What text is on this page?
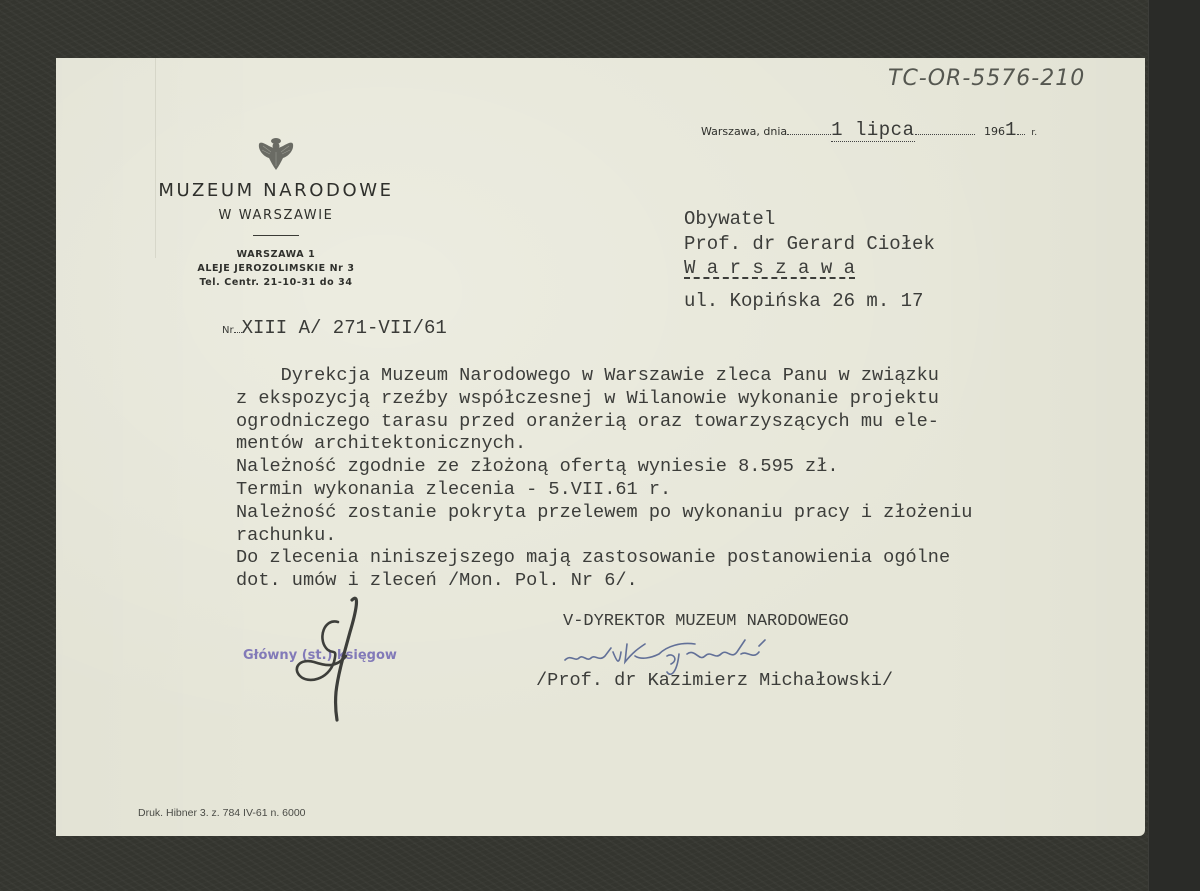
TC-OR-5576-210
MUZEUM NARODOWE
W WARSZAWIE
WARSZAWA 1
ALEJE JEROZOLIMSKIE Nr 3
Tel. Centr. 21-10-31 do 34
Warszawa, dnia 1 lipca	1961 r.
Obywatel
Prof. dr Gerard Ciołek
W a r s z a w a
ul. Kopińska 26 m. 17
Nr XIII A/ 271-VII/61
Dyrekcja Muzeum Narodowego w Warszawie zleca Panu w związku
z ekspozycją rzeźby współczesnej w Wilanowie wykonanie projektu
ogrodniczego tarasu przed oranżerią oraz towarzyszących mu ele-
mentów architektonicznych.
Należność zgodnie ze złożoną ofertą wyniesie 8.595 zł.
Termin wykonania zlecenia - 5.VII.61 r.
Należność zostanie pokryta przelewem po wykonaniu pracy i złożeniu
rachunku.
Do zlecenia niniszejszego mają zastosowanie postanowienia ogólne
dot. umów i zleceń /Mon. Pol. Nr 6/.
Główny (st.) księgow
V-DYREKTOR MUZEUM NARODOWEGO
/Prof. dr Kazimierz Michałowski/
Druk. Hibner 3. z. 784 IV-61 n. 6000
